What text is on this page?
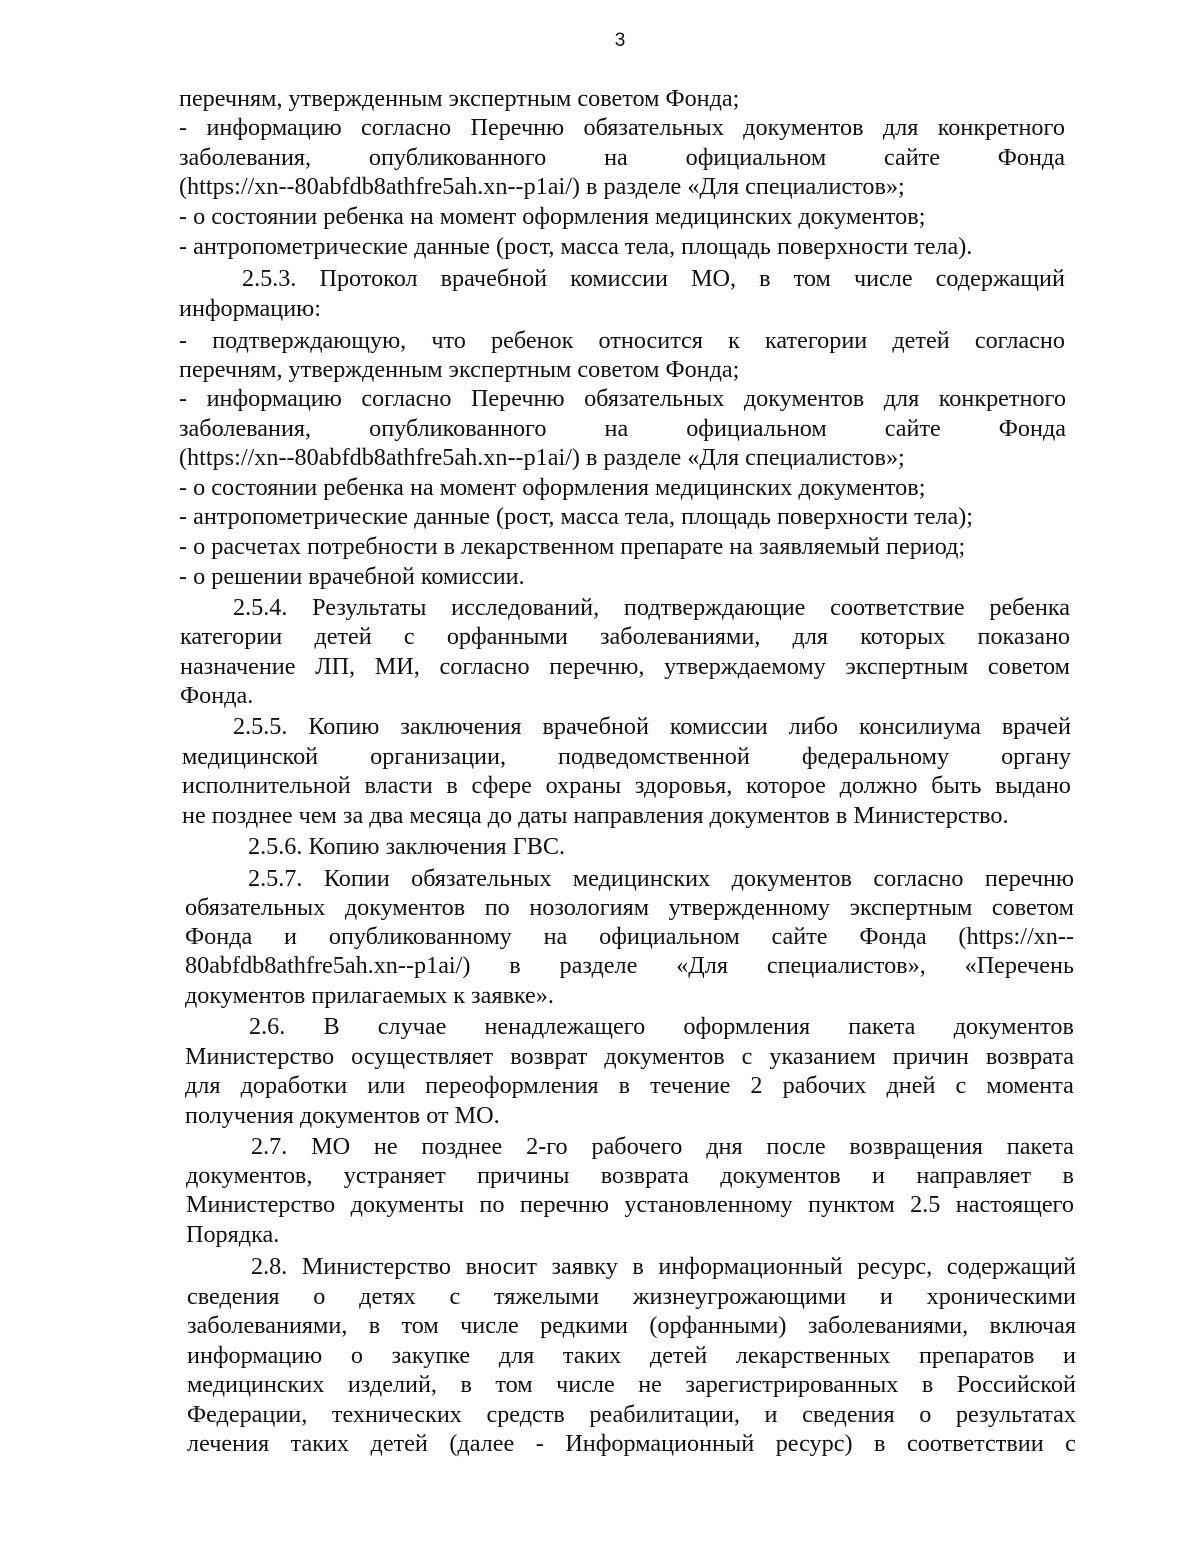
3
перечням, утвержденным экспертным советом Фонда;
- информацию согласно Перечню обязательных документов для конкретного
заболевания, опубликованного на официальном сайте Фонда
(https://xn--80abfdb8athfre5ah.xn--p1ai/) в разделе «Для специалистов»;
- о состоянии ребенка на момент оформления медицинских документов;
- антропометрические данные (рост, масса тела, площадь поверхности тела).
2.5.3. Протокол врачебной комиссии МО, в том числе содержащий
информацию:
- подтверждающую, что ребенок относится к категории детей согласно
перечням, утвержденным экспертным советом Фонда;
- информацию согласно Перечню обязательных документов для конкретного
заболевания, опубликованного на официальном сайте Фонда
(https://xn--80abfdb8athfre5ah.xn--p1ai/) в разделе «Для специалистов»;
- о состоянии ребенка на момент оформления медицинских документов;
- антропометрические данные (рост, масса тела, площадь поверхности тела);
- о расчетах потребности в лекарственном препарате на заявляемый период;
- о решении врачебной комиссии.
2.5.4. Результаты исследований, подтверждающие соответствие ребенка
категории детей с орфанными заболеваниями, для которых показано
назначение ЛП, МИ, согласно перечню, утверждаемому экспертным советом
Фонда.
2.5.5. Копию заключения врачебной комиссии либо консилиума врачей
медицинской организации, подведомственной федеральному органу
исполнительной власти в сфере охраны здоровья, которое должно быть выдано
не позднее чем за два месяца до даты направления документов в Министерство.
2.5.6. Копию заключения ГВС.
2.5.7. Копии обязательных медицинских документов согласно перечню
обязательных документов по нозологиям утвержденному экспертным советом
Фонда и опубликованному на официальном сайте Фонда (https://xn--
80abfdb8athfre5ah.xn--p1ai/) в разделе «Для специалистов», «Перечень
документов прилагаемых к заявке».
2.6. В случае ненадлежащего оформления пакета документов
Министерство осуществляет возврат документов с указанием причин возврата
для доработки или переоформления в течение 2 рабочих дней с момента
получения документов от МО.
2.7. МО не позднее 2-го рабочего дня после возвращения пакета
документов, устраняет причины возврата документов и направляет в
Министерство документы по перечню установленному пунктом 2.5 настоящего
Порядка.
2.8. Министерство вносит заявку в информационный ресурс, содержащий
сведения о детях с тяжелыми жизнеугрожающими и хроническими
заболеваниями, в том числе редкими (орфанными) заболеваниями, включая
информацию о закупке для таких детей лекарственных препаратов и
медицинских изделий, в том числе не зарегистрированных в Российской
Федерации, технических средств реабилитации, и сведения о результатах
лечения таких детей (далее - Информационный ресурс) в соответствии с
